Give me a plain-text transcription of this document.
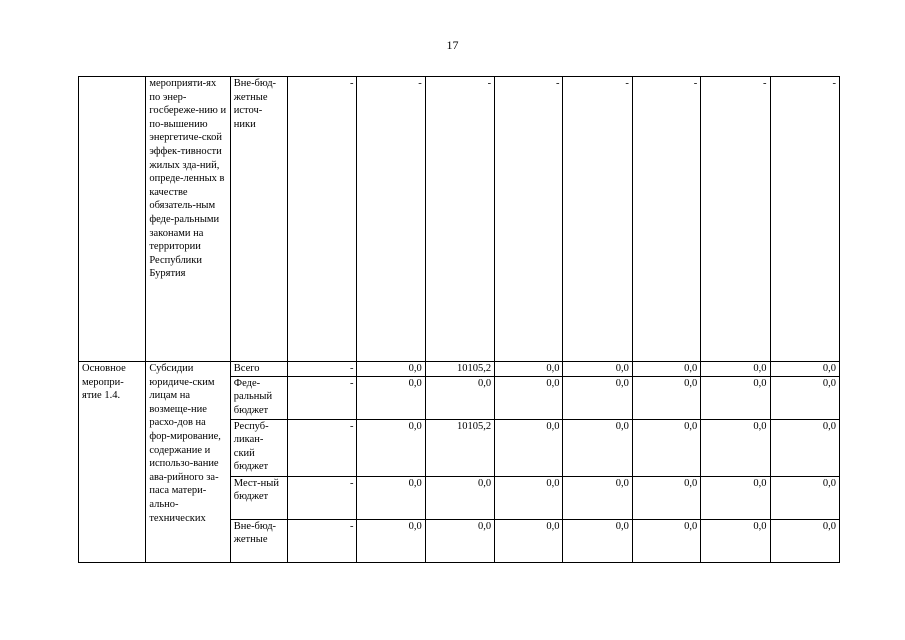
17
	мероприяти-ях по энер-госбереже-нию и по-вышению энергетиче-ской эффек-тивности жилых зда-ний, опреде-ленных в качестве обязатель-ным феде-ральными законами на территории Республики Бурятия	Вне-бюд-жетные источ-ники	-	-	-	-	-	-	-	-
Основное меропри-ятие 1.4.	Субсидии юридиче-ским лицам на возмеще-ние расхо-дов на фор-мирование, содержание и использо-вание ава-рийного за-паса матери-ально-технических	Всего	-	0,0	10105,2	0,0	0,0	0,0	0,0	0,0
		Феде-ральный бюджет	-	0,0	0,0	0,0	0,0	0,0	0,0	0,0
		Респуб-ликан-ский бюджет	-	0,0	10105,2	0,0	0,0	0,0	0,0	0,0
		Мест-ный бюджет	-	0,0	0,0	0,0	0,0	0,0	0,0	0,0
		Вне-бюд-жетные	-	0,0	0,0	0,0	0,0	0,0	0,0	0,0
